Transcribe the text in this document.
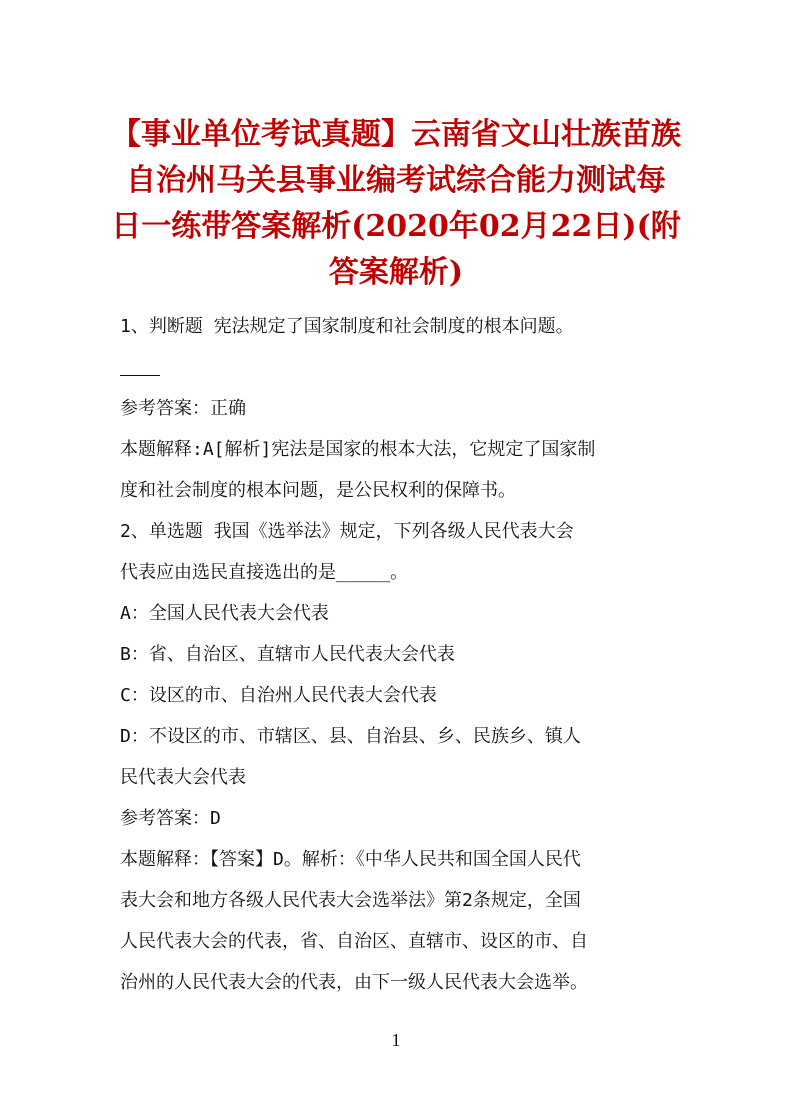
【事业单位考试真题】云南省文山壮族苗族
自治州马关县事业编考试综合能力测试每
日一练带答案解析(2020年02月22日)(附
答案解析)
1、判断题 宪法规定了国家制度和社会制度的根本问题。
参考答案：正确
本题解释:A[解析]宪法是国家的根本大法，它规定了国家制
度和社会制度的根本问题，是公民权利的保障书。
2、单选题 我国《选举法》规定，下列各级人民代表大会
代表应由选民直接选出的是_____。
A：全国人民代表大会代表
B：省、自治区、直辖市人民代表大会代表
C：设区的市、自治州人民代表大会代表
D：不设区的市、市辖区、县、自治县、乡、民族乡、镇人
民代表大会代表
参考答案：D
本题解释：【答案】D。解析：《中华人民共和国全国人民代
表大会和地方各级人民代表大会选举法》第2条规定，全国
人民代表大会的代表，省、自治区、直辖市、设区的市、自
治州的人民代表大会的代表，由下一级人民代表大会选举。
1
